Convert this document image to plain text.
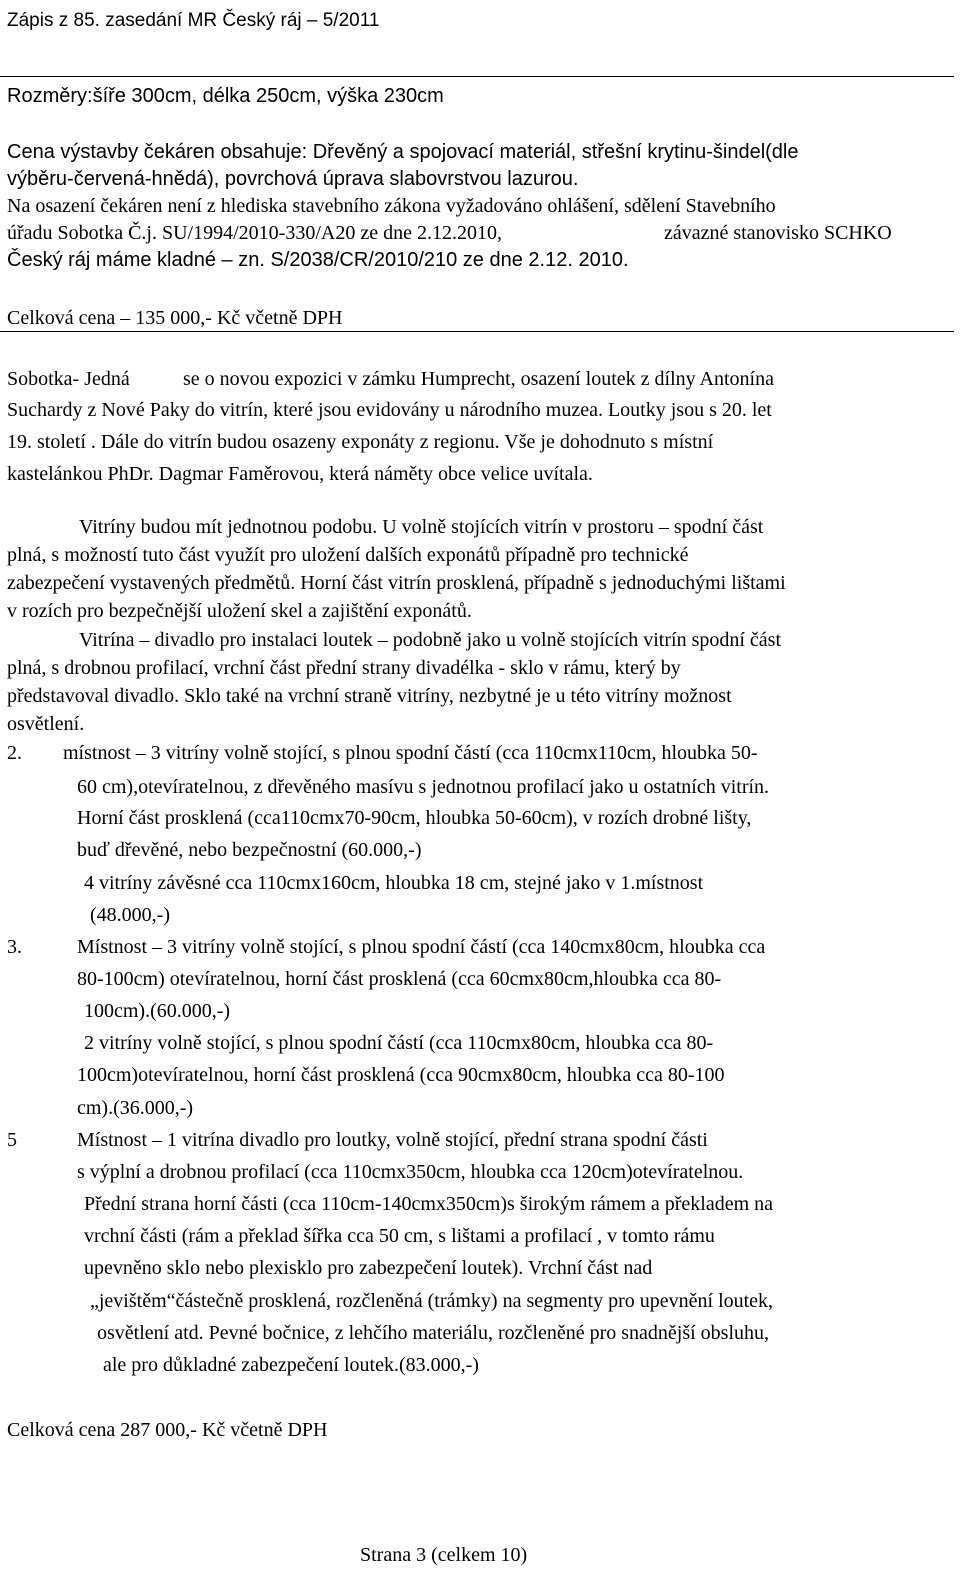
Zápis z 85. zasedání MR Český ráj – 5/2011
Rozměry:šíře 300cm, délka 250cm, výška 230cm
Cena výstavby čekáren obsahuje: Dřevěný a spojovací materiál, střešní krytinu-šindel(dle
výběru-červená-hnědá), povrchová úprava slabovrstvou lazurou.
Na osazení čekáren není z hlediska stavebního zákona vyžadováno ohlášení, sdělení Stavebního
úřadu Sobotka Č.j. SU/1994/2010-330/A20 ze dne 2.12.2010,	závazné stanovisko SCHKO
Český ráj máme kladné – zn. S/2038/CR/2010/210 ze dne 2.12. 2010.
Celková cena – 135 000,- Kč včetně DPH
Sobotka- Jedná	se o novou expozici v zámku Humprecht, osazení loutek z dílny Antonína
Suchardy z Nové Paky do vitrín, které jsou evidovány u národního muzea. Loutky jsou s 20. let
19. století . Dále do vitrín budou osazeny exponáty z regionu. Vše je dohodnuto s místní
kastelánkou PhDr. Dagmar Faměrovou, která náměty obce velice uvítala.
Vitríny budou mít jednotnou podobu. U volně stojících vitrín v prostoru – spodní část
plná, s možností tuto část využít pro uložení dalších exponátů případně pro technické
zabezpečení vystavených předmětů. Horní část vitrín prosklená, případně s jednoduchými lištami
v rozích pro bezpečnější uložení skel a zajištění exponátů.
Vitrína – divadlo pro instalaci loutek – podobně jako u volně stojících vitrín spodní část
plná, s drobnou profilací, vrchní část přední strany divadélka - sklo v rámu, který by
představoval divadlo. Sklo také na vrchní straně vitríny, nezbytné je u této vitríny možnost
osvětlení.
2. místnost – 3 vitríny volně stojící, s plnou spodní částí (cca 110cmx110cm, hloubka 50-
60 cm),otevíratelnou, z dřevěného masívu s jednotnou profilací jako u ostatních vitrín.
Horní část prosklená (cca110cmx70-90cm, hloubka 50-60cm), v rozích drobné lišty,
buď dřevěné, nebo bezpečnostní (60.000,-)
4 vitríny závěsné cca 110cmx160cm, hloubka 18 cm, stejné jako v 1.místnost
(48.000,-)
3.	Místnost – 3 vitríny volně stojící, s plnou spodní částí (cca 140cmx80cm, hloubka cca
80-100cm) otevíratelnou, horní část prosklená (cca 60cmx80cm,hloubka cca 80-
100cm).(60.000,-)
2 vitríny volně stojící, s plnou spodní částí (cca 110cmx80cm, hloubka cca 80-
100cm)otevíratelnou, horní část prosklená (cca 90cmx80cm, hloubka cca 80-100
cm).(36.000,-)
5	Místnost – 1 vitrína divadlo pro loutky, volně stojící, přední strana spodní části
s výplní a drobnou profilací (cca 110cmx350cm, hloubka cca 120cm)otevíratelnou.
Přední strana horní části (cca 110cm-140cmx350cm)s širokým rámem a překladem na
vrchní části (rám a překlad šířka cca 50 cm, s lištami a profilací , v tomto rámu
upevněno sklo nebo plexisklo pro zabezpečení loutek). Vrchní část nad
„jevištěm“částečně prosklená, rozčleněná (trámky) na segmenty pro upevnění loutek,
osvětlení atd. Pevné bočnice, z lehčího materiálu, rozčleněné pro snadnější obsluhu,
ale pro důkladné zabezpečení loutek.(83.000,-)
Celková cena 287 000,- Kč včetně DPH
Strana 3 (celkem 10)
